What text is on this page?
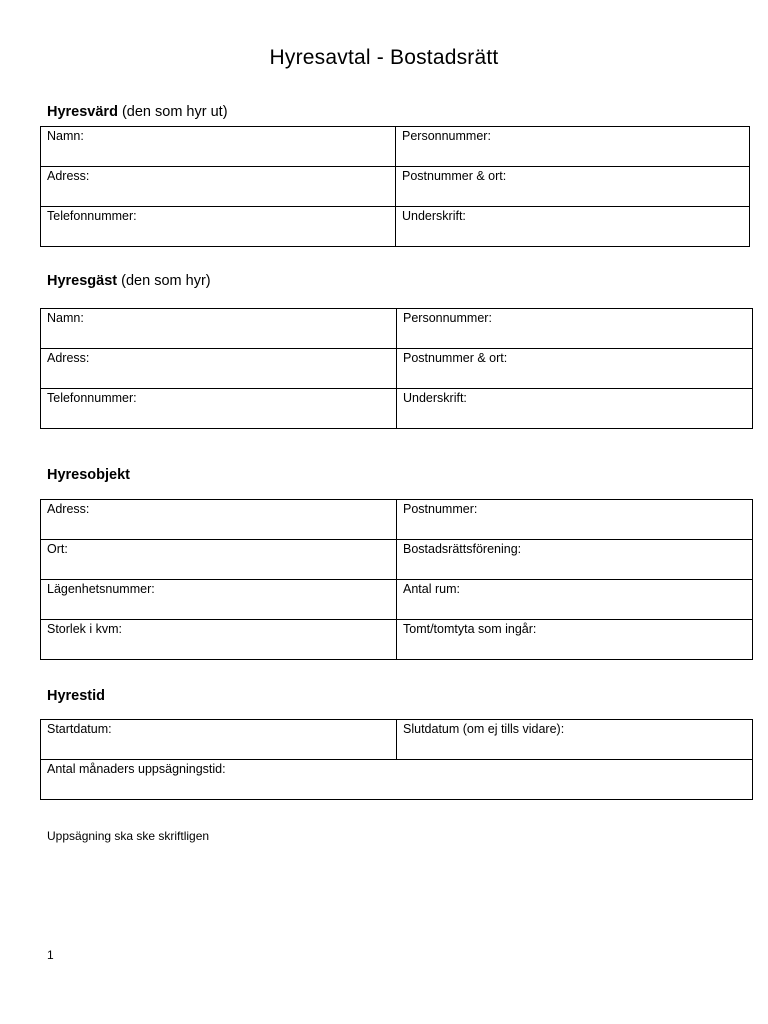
Hyresavtal - Bostadsrätt
Hyresvärd (den som hyr ut)
Namn:	Personnummer:
Adress:	Postnummer & ort:
Telefonnummer:	Underskrift:
Hyresgäst (den som hyr)
Namn:	Personnummer:
Adress:	Postnummer & ort:
Telefonnummer:	Underskrift:
Hyresobjekt
Adress:	Postnummer:
Ort:	Bostadsrättsförening:
Lägenhetsnummer:	Antal rum:
Storlek i kvm:	Tomt/tomtyta som ingår:
Hyrestid
Startdatum:	Slutdatum (om ej tills vidare):
Antal månaders uppsägningstid:
Uppsägning ska ske skriftligen
1
